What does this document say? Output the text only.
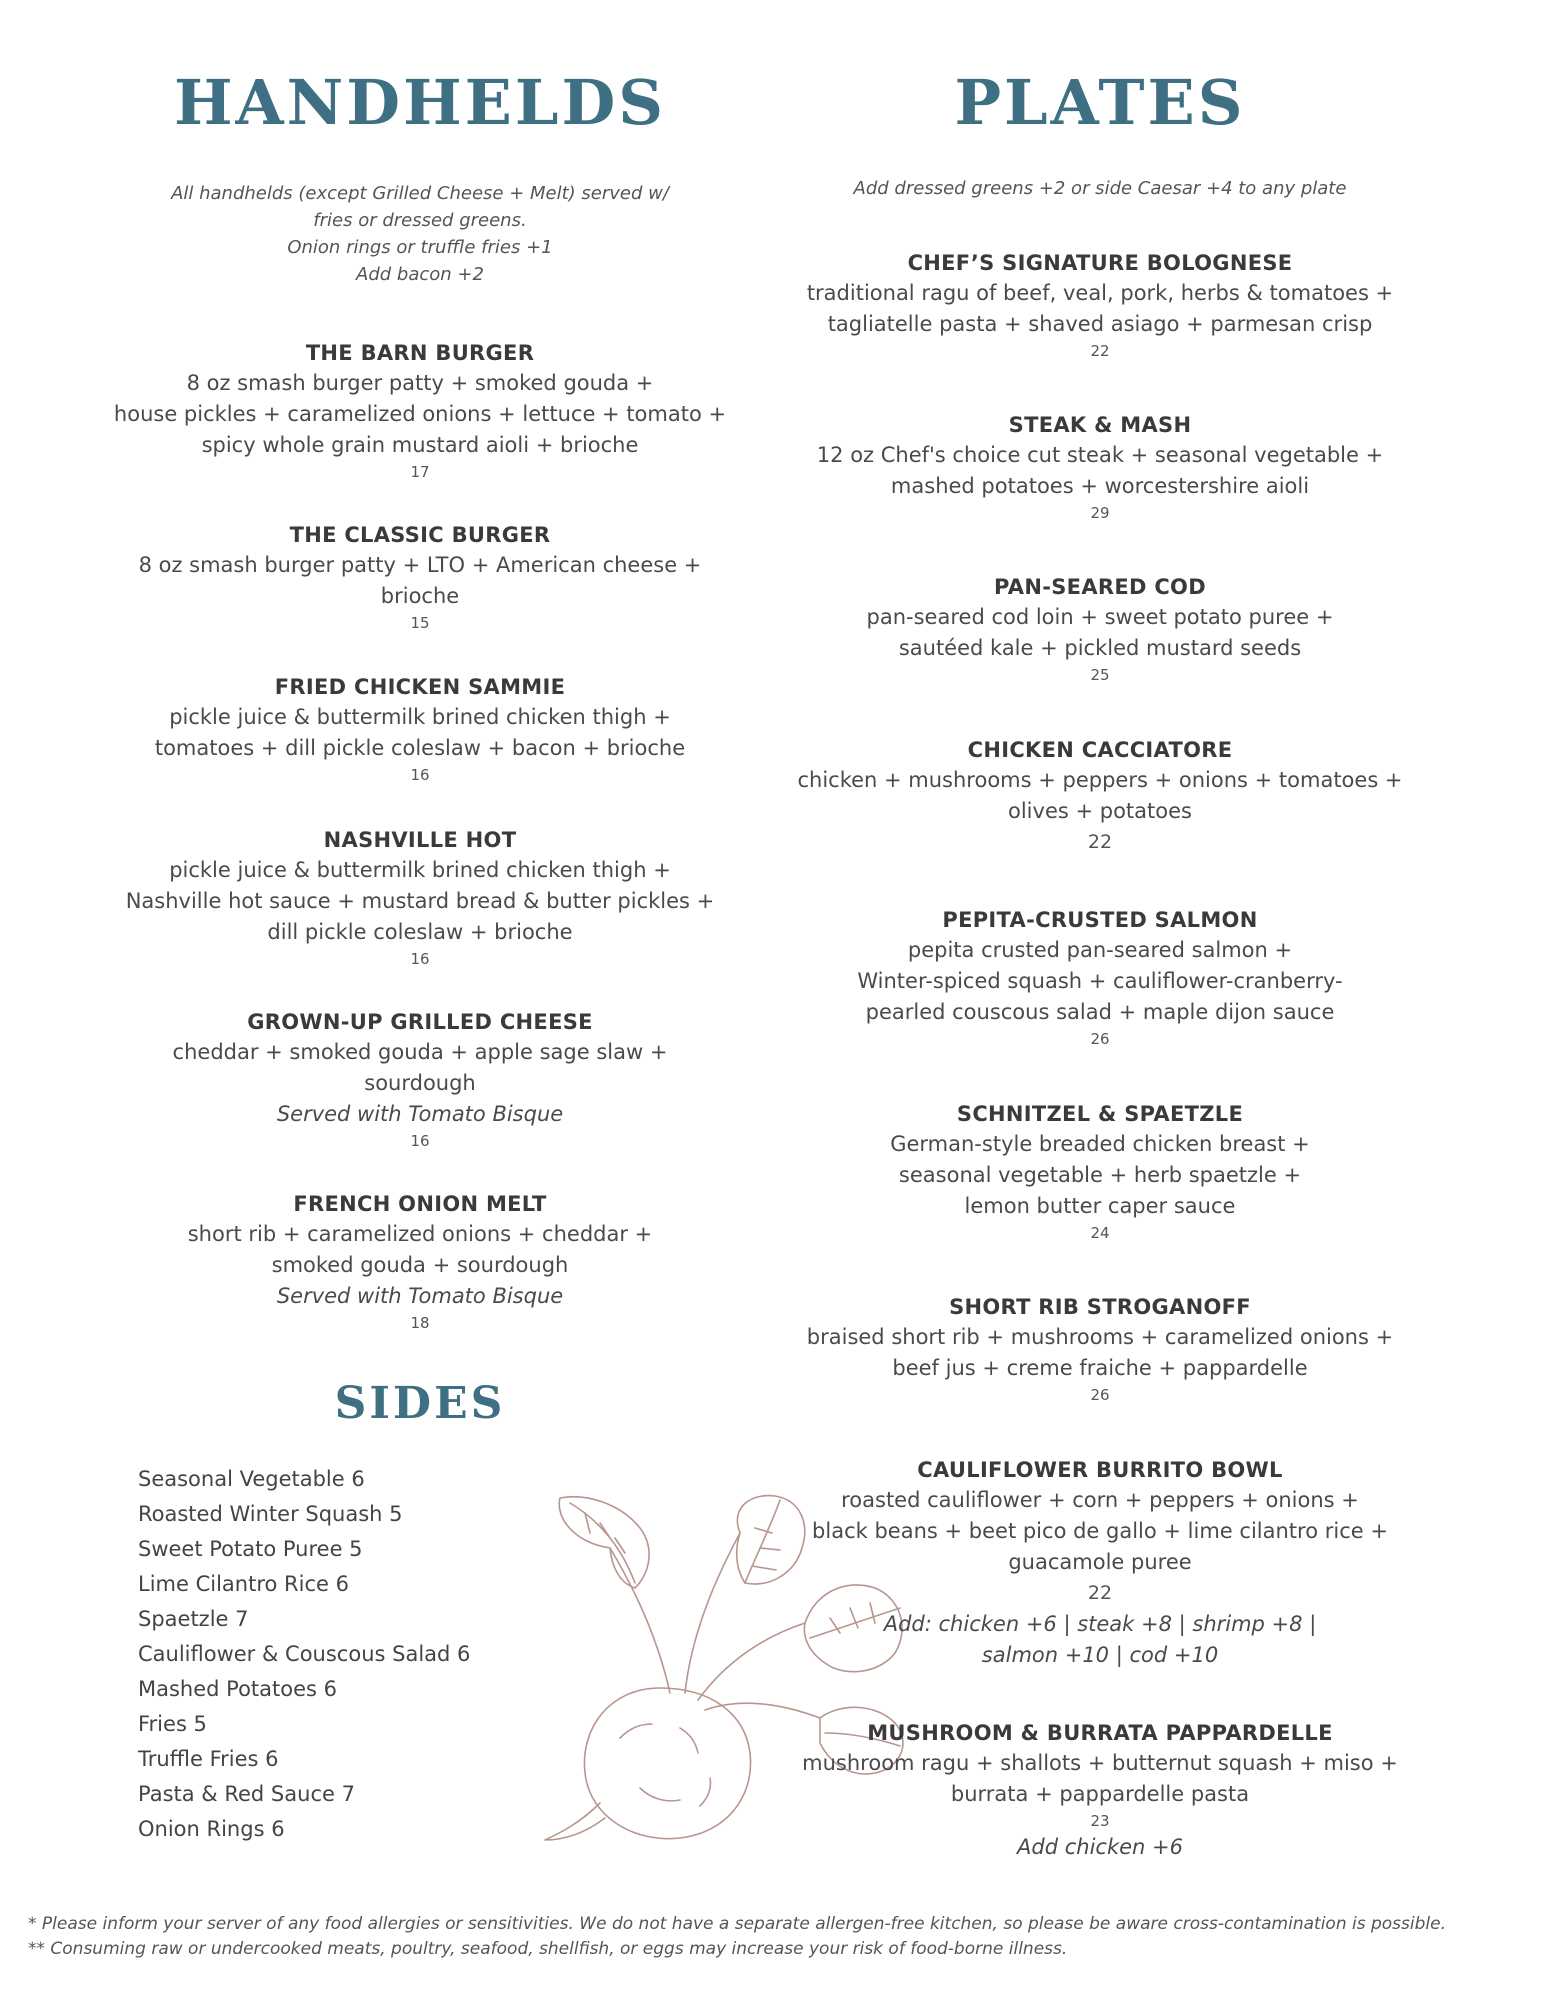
HANDHELDS
All handhelds (except Grilled Cheese + Melt) served w/
fries or dressed greens.
Onion rings or truffle fries +1
Add bacon +2
THE BARN BURGER
8 oz smash burger patty + smoked gouda +
house pickles + caramelized onions + lettuce + tomato +
spicy whole grain mustard aioli + brioche
17
THE CLASSIC BURGER
8 oz smash burger patty + LTO + American cheese +
brioche
15
FRIED CHICKEN SAMMIE
pickle juice & buttermilk brined chicken thigh +
tomatoes + dill pickle coleslaw + bacon + brioche
16
NASHVILLE HOT
pickle juice & buttermilk brined chicken thigh +
Nashville hot sauce + mustard bread & butter pickles +
dill pickle coleslaw + brioche
16
GROWN-UP GRILLED CHEESE
cheddar + smoked gouda + apple sage slaw +
sourdough
Served with Tomato Bisque
16
FRENCH ONION MELT
short rib + caramelized onions + cheddar +
smoked gouda + sourdough
Served with Tomato Bisque
18
SIDES
Seasonal Vegetable 6
Roasted Winter Squash 5
Sweet Potato Puree 5
Lime Cilantro Rice 6
Spaetzle 7
Cauliflower & Couscous Salad 6
Mashed Potatoes 6
Fries 5
Truffle Fries 6
Pasta & Red Sauce 7
Onion Rings 6
PLATES
Add dressed greens +2 or side Caesar +4 to any plate
CHEF’S SIGNATURE BOLOGNESE
traditional ragu of beef, veal, pork, herbs & tomatoes +
tagliatelle pasta + shaved asiago + parmesan crisp
22
STEAK & MASH
12 oz Chef's choice cut steak + seasonal vegetable +
mashed potatoes + worcestershire aioli
29
PAN-SEARED COD
pan-seared cod loin + sweet potato puree +
sautéed kale + pickled mustard seeds
25
CHICKEN CACCIATORE
chicken + mushrooms + peppers + onions + tomatoes +
olives + potatoes
22
PEPITA-CRUSTED SALMON
pepita crusted pan-seared salmon +
Winter-spiced squash + cauliflower-cranberry-
pearled couscous salad + maple dijon sauce
26
SCHNITZEL & SPAETZLE
German-style breaded chicken breast +
seasonal vegetable + herb spaetzle +
lemon butter caper sauce
24
SHORT RIB STROGANOFF
braised short rib + mushrooms + caramelized onions +
beef jus + creme fraiche + pappardelle
26
CAULIFLOWER BURRITO BOWL
roasted cauliflower + corn + peppers + onions +
black beans + beet pico de gallo + lime cilantro rice +
guacamole puree
22
Add: chicken +6 | steak +8 | shrimp +8 |
salmon +10 | cod +10
MUSHROOM & BURRATA PAPPARDELLE
mushroom ragu + shallots + butternut squash + miso +
burrata + pappardelle pasta
23
Add chicken +6
* Please inform your server of any food allergies or sensitivities. We do not have a separate allergen-free kitchen, so please be aware cross-contamination is possible.
** Consuming raw or undercooked meats, poultry, seafood, shellfish, or eggs may increase your risk of food-borne illness.
